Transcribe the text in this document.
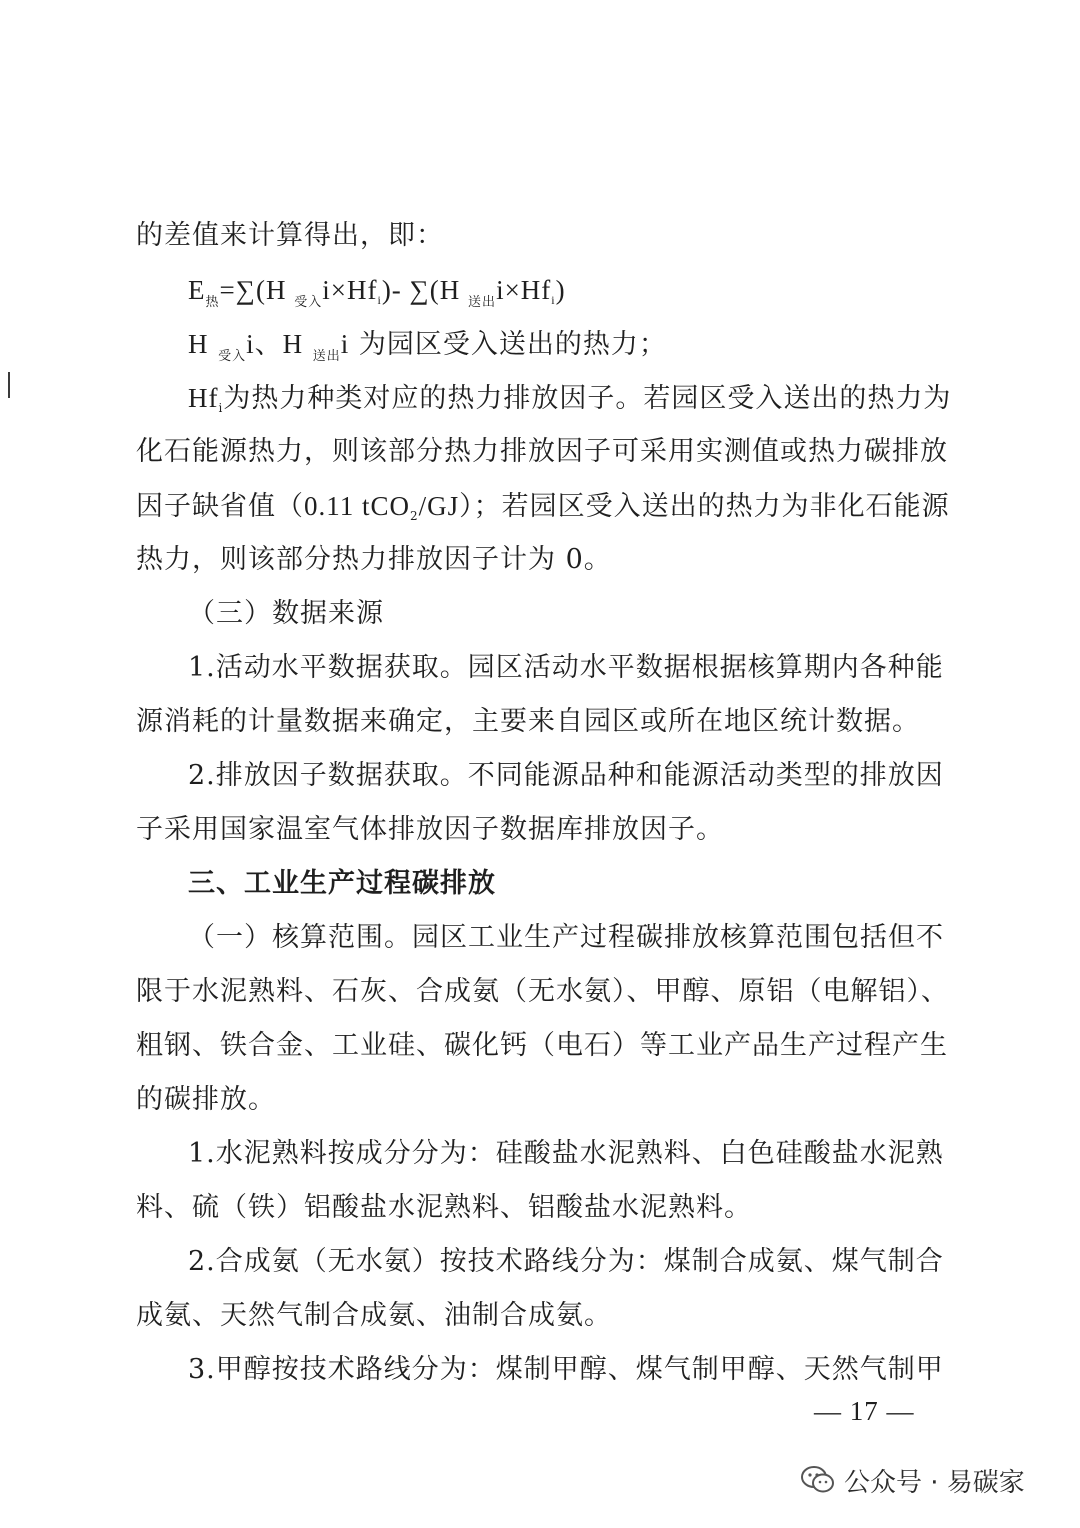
的差值来计算得出，即：
$E_热=\sum(H$ $_{受入}$i×Hfi)- ∑(H $_{送出}$i×Hfi)
H $_{受入}$i、H $_{送出}$i 为园区受入送出的热力；
Hfi为热力种类对应的热力排放因子。若园区受入送出的热力为
化石能源热力，则该部分热力排放因子可采用实测值或热力碳排放
因子缺省值（0.11 tCO2/GJ）；若园区受入送出的热力为非化石能源
热力，则该部分热力排放因子计为 0。
（三）数据来源
1.活动水平数据获取。园区活动水平数据根据核算期内各种能
源消耗的计量数据来确定，主要来自园区或所在地区统计数据。
2.排放因子数据获取。不同能源品种和能源活动类型的排放因
子采用国家温室气体排放因子数据库排放因子。
三、工业生产过程碳排放
（一）核算范围。园区工业生产过程碳排放核算范围包括但不
限于水泥熟料、石灰、合成氨（无水氨）、甲醇、原铝（电解铝）、
粗钢、铁合金、工业硅、碳化钙（电石）等工业产品生产过程产生
的碳排放。
1.水泥熟料按成分分为：硅酸盐水泥熟料、白色硅酸盐水泥熟
料、硫（铁）铝酸盐水泥熟料、铝酸盐水泥熟料。
2.合成氨（无水氨）按技术路线分为：煤制合成氨、煤气制合
成氨、天然气制合成氨、油制合成氨。
3.甲醇按技术路线分为：煤制甲醇、煤气制甲醇、天然气制甲
— 17 —
公众号 · 易碳家
